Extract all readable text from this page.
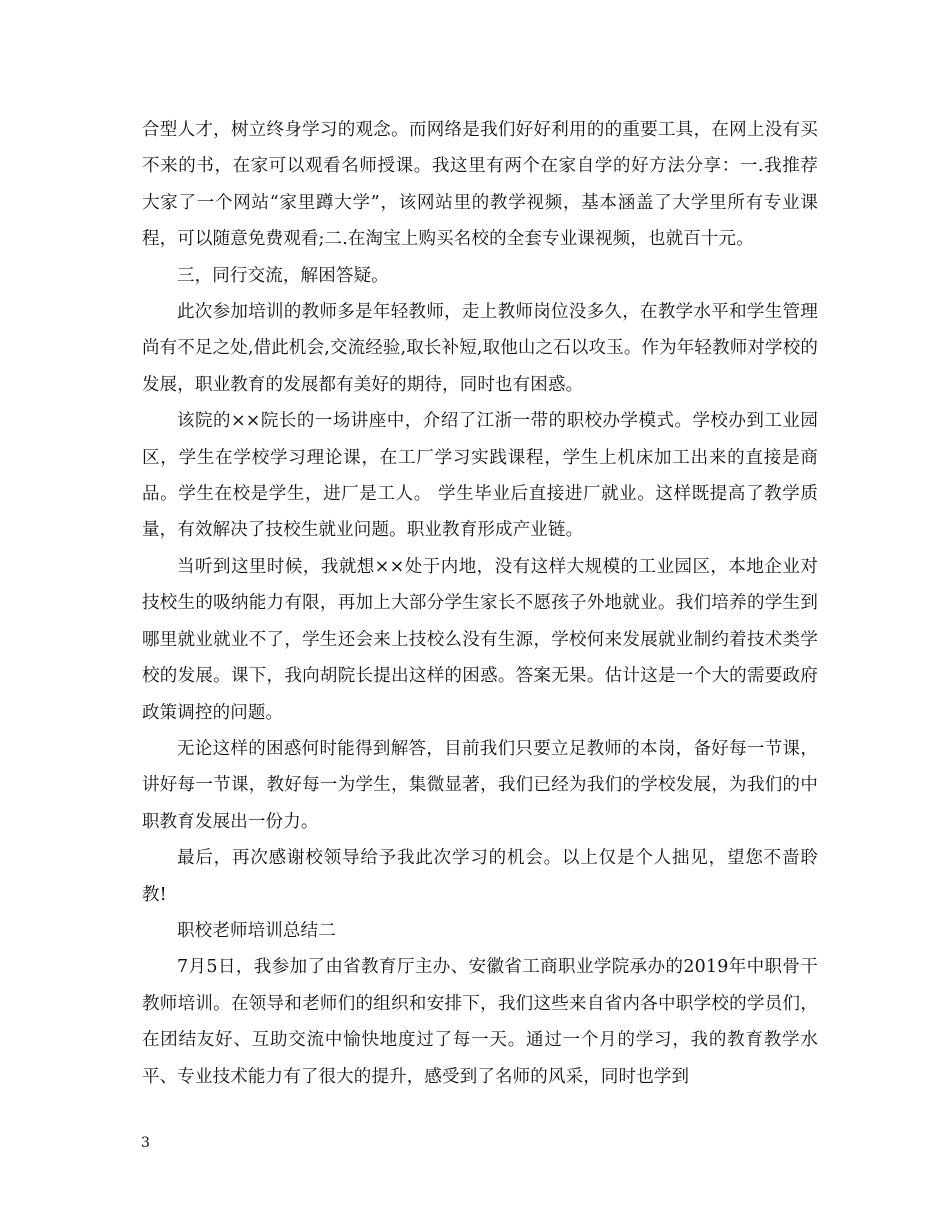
合型人才，树立终身学习的观念。而网络是我们好好利用的的重要工具，在网上没有买不来的书，在家可以观看名师授课。我这里有两个在家自学的好方法分享：一.我推荐大家了一个网站“家里蹲大学”，该网站里的教学视频，基本涵盖了大学里所有专业课程，可以随意免费观看;二.在淘宝上购买名校的全套专业课视频，也就百十元。

三，同行交流，解困答疑。

此次参加培训的教师多是年轻教师，走上教师岗位没多久，在教学水平和学生管理尚有不足之处,借此机会,交流经验,取长补短,取他山之石以攻玉。作为年轻教师对学校的发展，职业教育的发展都有美好的期待，同时也有困惑。

该院的××院长的一场讲座中，介绍了江浙一带的职校办学模式。学校办到工业园区，学生在学校学习理论课，在工厂学习实践课程，学生上机床加工出来的直接是商品。学生在校是学生，进厂是工人。 学生毕业后直接进厂就业。这样既提高了教学质量，有效解决了技校生就业问题。职业教育形成产业链。

当听到这里时候，我就想××处于内地，没有这样大规模的工业园区，本地企业对技校生的吸纳能力有限，再加上大部分学生家长不愿孩子外地就业。我们培养的学生到哪里就业就业不了，学生还会来上技校么没有生源，学校何来发展就业制约着技术类学校的发展。课下，我向胡院长提出这样的困惑。答案无果。估计这是一个大的需要政府政策调控的问题。

无论这样的困惑何时能得到解答，目前我们只要立足教师的本岗，备好每一节课，讲好每一节课，教好每一为学生，集微显著，我们已经为我们的学校发展，为我们的中职教育发展出一份力。

最后，再次感谢校领导给予我此次学习的机会。以上仅是个人拙见，望您不啬聆教!

职校老师培训总结二

7月5日，我参加了由省教育厅主办、安徽省工商职业学院承办的2019年中职骨干教师培训。在领导和老师们的组织和安排下，我们这些来自省内各中职学校的学员们，在团结友好、互助交流中愉快地度过了每一天。通过一个月的学习，我的教育教学水平、专业技术能力有了很大的提升，感受到了名师的风采，同时也学到

3
